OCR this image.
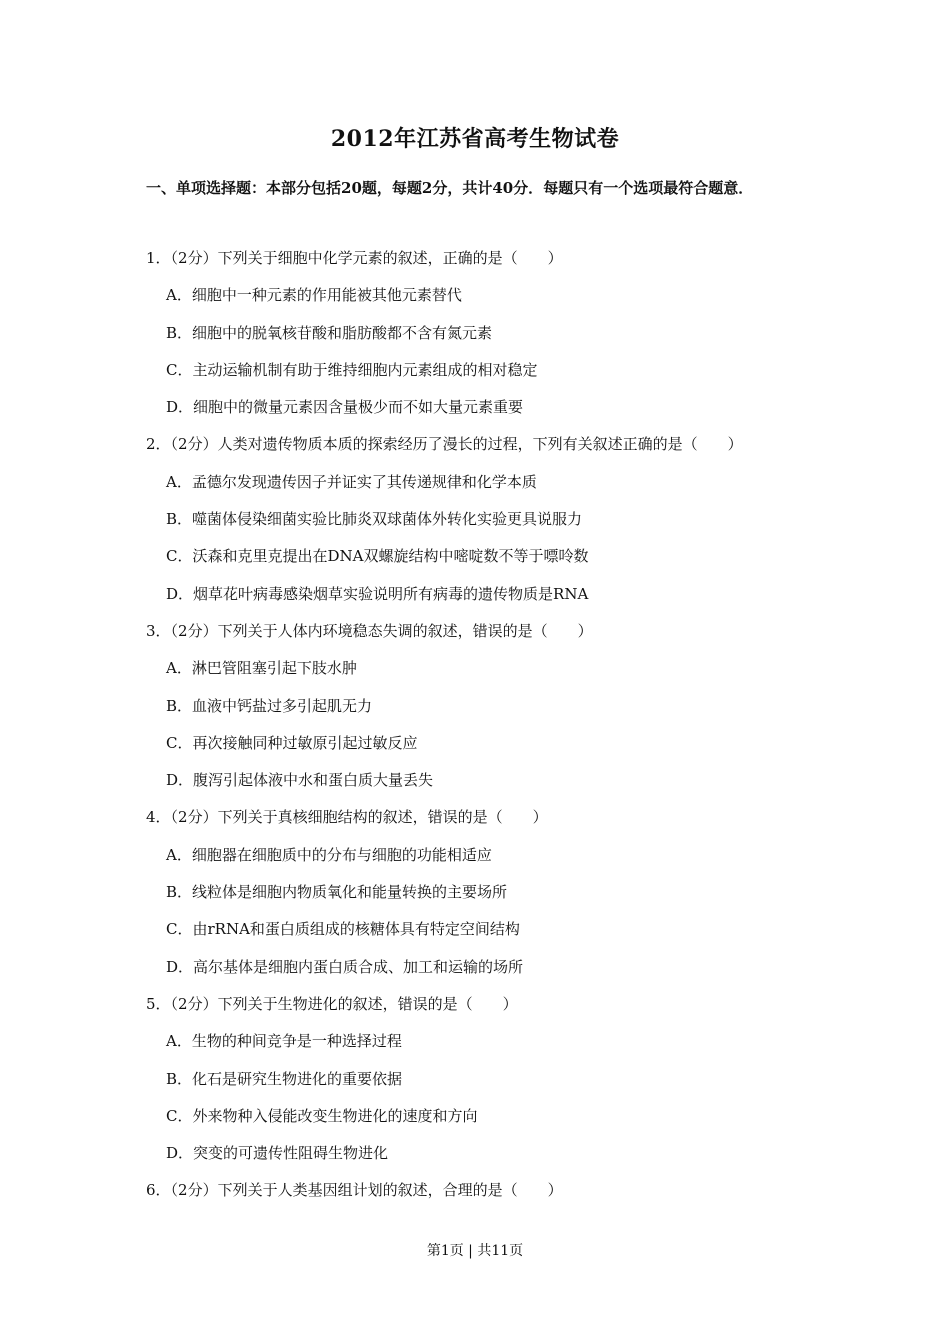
2012年江苏省高考生物试卷
一、单项选择题：本部分包括20题，每题2分，共计40分．每题只有一个选项最符合题意．
1．（2分）下列关于细胞中化学元素的叙述，正确的是（　　）
A．细胞中一种元素的作用能被其他元素替代
B．细胞中的脱氧核苷酸和脂肪酸都不含有氮元素
C．主动运输机制有助于维持细胞内元素组成的相对稳定
D．细胞中的微量元素因含量极少而不如大量元素重要
2．（2分）人类对遗传物质本质的探索经历了漫长的过程，下列有关叙述正确的是（　　）
A．孟德尔发现遗传因子并证实了其传递规律和化学本质
B．噬菌体侵染细菌实验比肺炎双球菌体外转化实验更具说服力
C．沃森和克里克提出在DNA双螺旋结构中嘧啶数不等于嘌呤数
D．烟草花叶病毒感染烟草实验说明所有病毒的遗传物质是RNA
3．（2分）下列关于人体内环境稳态失调的叙述，错误的是（　　）
A．淋巴管阻塞引起下肢水肿
B．血液中钙盐过多引起肌无力
C．再次接触同种过敏原引起过敏反应
D．腹泻引起体液中水和蛋白质大量丢失
4．（2分）下列关于真核细胞结构的叙述，错误的是（　　）
A．细胞器在细胞质中的分布与细胞的功能相适应
B．线粒体是细胞内物质氧化和能量转换的主要场所
C．由rRNA和蛋白质组成的核糖体具有特定空间结构
D．高尔基体是细胞内蛋白质合成、加工和运输的场所
5．（2分）下列关于生物进化的叙述，错误的是（　　）
A．生物的种间竞争是一种选择过程
B．化石是研究生物进化的重要依据
C．外来物种入侵能改变生物进化的速度和方向
D．突变的可遗传性阻碍生物进化
6．（2分）下列关于人类基因组计划的叙述，合理的是（　　）
第1页 | 共11页
